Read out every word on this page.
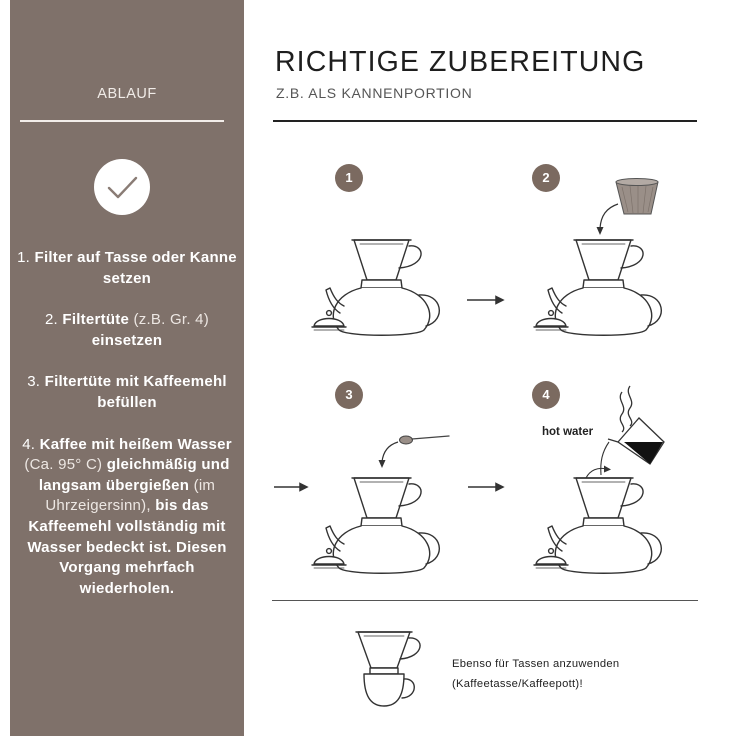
ABLAUF
1. Filter auf Tasse oder Kanne setzen
2. Filtertüte (z.B. Gr. 4) einsetzen
3. Filtertüte mit Kaffeemehl befüllen
4. Kaffee mit heißem Wasser (Ca. 95° C) gleichmäßig und langsam übergießen (im Uhrzeigersinn), bis das Kaffeemehl vollständig mit Wasser bedeckt ist. Diesen Vorgang mehrfach wiederholen.
RICHTIGE ZUBEREITUNG
Z.B. ALS KANNENPORTION
1	2
3	4
hot water
Ebenso für Tassen anzuwenden
(Kaffeetasse/Kaffeepott)!
